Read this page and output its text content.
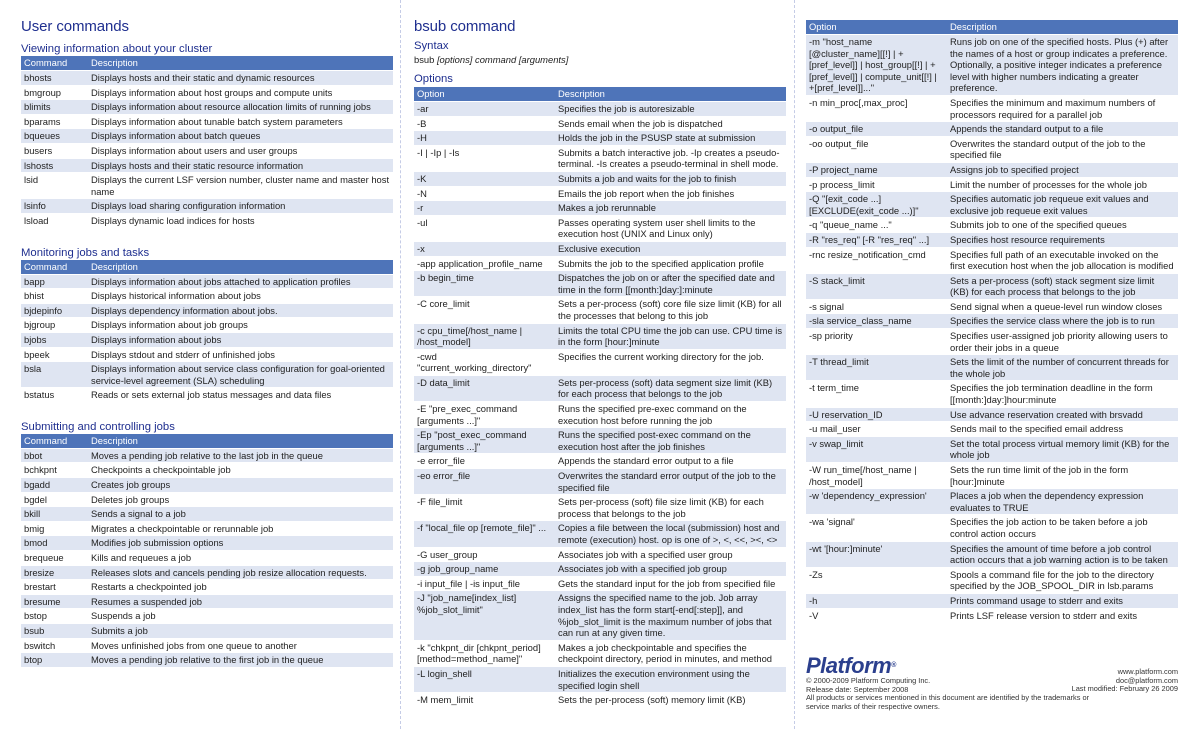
User commands
Viewing information about your cluster
Command	Description
bhosts	Displays hosts and their static and dynamic resources
bmgroup	Displays information about host groups and compute units
blimits	Displays information about resource allocation limits of running jobs
bparams	Displays information about tunable batch system parameters
bqueues	Displays information about batch queues
busers	Displays information about users and user groups
lshosts	Displays hosts and their static resource information
lsid	Displays the current LSF version number, cluster name and master host name
lsinfo	Displays load sharing configuration information
lsload	Displays dynamic load indices for hosts
Monitoring jobs and tasks
Command	Description
bapp	Displays information about jobs attached to application profiles
bhist	Displays historical information about jobs
bjdepinfo	Displays dependency information about jobs.
bjgroup	Displays information about job groups
bjobs	Displays information about jobs
bpeek	Displays stdout and stderr of unfinished jobs
bsla	Displays information about service class configuration for goal-oriented service-level agreement (SLA) scheduling
bstatus	Reads or sets external job status messages and data files
Submitting and controlling jobs
Command	Description
bbot	Moves a pending job relative to the last job in the queue
bchkpnt	Checkpoints a checkpointable job
bgadd	Creates job groups
bgdel	Deletes job groups
bkill	Sends a signal to a job
bmig	Migrates a checkpointable or rerunnable job
bmod	Modifies job submission options
brequeue	Kills and requeues a job
bresize	Releases slots and cancels pending job resize allocation requests.
brestart	Restarts a checkpointed job
bresume	Resumes a suspended job
bstop	Suspends a job
bsub	Submits a job
bswitch	Moves unfinished jobs from one queue to another
btop	Moves a pending job relative to the first job in the queue
bsub command
Syntax
bsub [options] command [arguments]
Options
Option	Description
-ar	Specifies the job is autoresizable
-B	Sends email when the job is dispatched
-H	Holds the job in the PSUSP state at submission
-I | -Ip | -Is	Submits a batch interactive job. -Ip creates a pseudo-terminal. -Is creates a pseudo-terminal in shell mode.
-K	Submits a job and waits for the job to finish
-N	Emails the job report when the job finishes
-r	Makes a job rerunnable
-ul	Passes operating system user shell limits to the execution host (UNIX and Linux only)
-x	Exclusive execution
-app application_profile_name	Submits the job to the specified application profile
-b begin_time	Dispatches the job on or after the specified date and time in the form [[month:]day:]:minute
-C core_limit	Sets a per-process (soft) core file size limit (KB) for all the processes that belong to this job
-c cpu_time[/host_name | /host_model]	Limits the total CPU time the job can use. CPU time is in the form [hour:]minute
-cwd "current_working_directory"	Specifies the current working directory for the job.
-D data_limit	Sets per-process (soft) data segment size limit (KB) for each process that belongs to the job
-E "pre_exec_command [arguments ...]"	Runs the specified pre-exec command on the execution host before running the job
-Ep "post_exec_command [arguments ...]"	Runs the specified post-exec command on the execution host after the job finishes
-e error_file	Appends the standard error output to a file
-eo error_file	Overwrites the standard error output of the job to the specified file
-F file_limit	Sets per-process (soft) file size limit (KB) for each process that belongs to the job
-f "local_file op [remote_file]" ...	Copies a file between the local (submission) host and remote (execution) host. op is one of >, <, <<, ><, <>
-G user_group	Associates job with a specified user group
-g job_group_name	Associates job with a specified job group
-i input_file | -is input_file	Gets the standard input for the job from specified file
-J "job_name[index_list] %job_slot_limit"	Assigns the specified name to the job. Job array index_list has the form start[-end[:step]], and %job_slot_limit is the maximum number of jobs that can run at any given time.
-k "chkpnt_dir [chkpnt_period] [method=method_name]"	Makes a job checkpointable and specifies the checkpoint directory, period in minutes, and method
-L login_shell	Initializes the execution environment using the specified login shell
-M mem_limit	Sets the per-process (soft) memory limit (KB)
Option	Description
-m "host_name [@cluster_name][[!] | +[pref_level]] | host_group[[!] | +[pref_level]] | compute_unit[[!] | +[pref_level]]..."	Runs job on one of the specified hosts. Plus (+) after the names of a host or group indicates a preference. Optionally, a positive integer indicates a preference level with higher numbers indicating a greater preference.
-n min_proc[,max_proc]	Specifies the minimum and maximum numbers of processors required for a parallel job
-o output_file	Appends the standard output to a file
-oo output_file	Overwrites the standard output of the job to the specified file
-P project_name	Assigns job to specified project
-p process_limit	Limit the number of processes for the whole job
-Q "[exit_code ...] [EXCLUDE(exit_code ...)]"	Specifies automatic job requeue exit values and exclusive job requeue exit values
-q "queue_name ..."	Submits job to one of the specified queues
-R "res_req" [-R "res_req" ...]	Specifies host resource requirements
-rnc resize_notification_cmd	Specifies full path of an executable invoked on the first execution host when the job allocation is modified
-S stack_limit	Sets a per-process (soft) stack segment size limit (KB) for each process that belongs to the job
-s signal	Send signal when a queue-level run window closes
-sla service_class_name	Specifies the service class where the job is to run
-sp priority	Specifies user-assigned job priority allowing users to order their jobs in a queue
-T thread_limit	Sets the limit of the number of concurrent threads for the whole job
-t term_time	Specifies the job termination deadline in the form [[month:]day:]hour:minute
-U reservation_ID	Use advance reservation created with brsvadd
-u mail_user	Sends mail to the specified email address
-v swap_limit	Set the total process virtual memory limit (KB) for the whole job
-W run_time[/host_name | /host_model]	Sets the run time limit of the job in the form [hour:]minute
-w 'dependency_expression'	Places a job when the dependency expression evaluates to TRUE
-wa 'signal'	Specifies the job action to be taken before a job control action occurs
-wt '[hour:]minute'	Specifies the amount of time before a job control action occurs that a job warning action is to be taken
-Zs	Spools a command file for the job to the directory specified by the JOB_SPOOL_DIR in lsb.params
-h	Prints command usage to stderr and exits
-V	Prints LSF release version to stderr and exits
Platform®
© 2000-2009 Platform Computing Inc.
Release date: September 2008
www.platform.com
doc@platform.com
Last modified: February 26 2009
All products or services mentioned in this document are identified by the trademarks or service marks of their respective owners.
